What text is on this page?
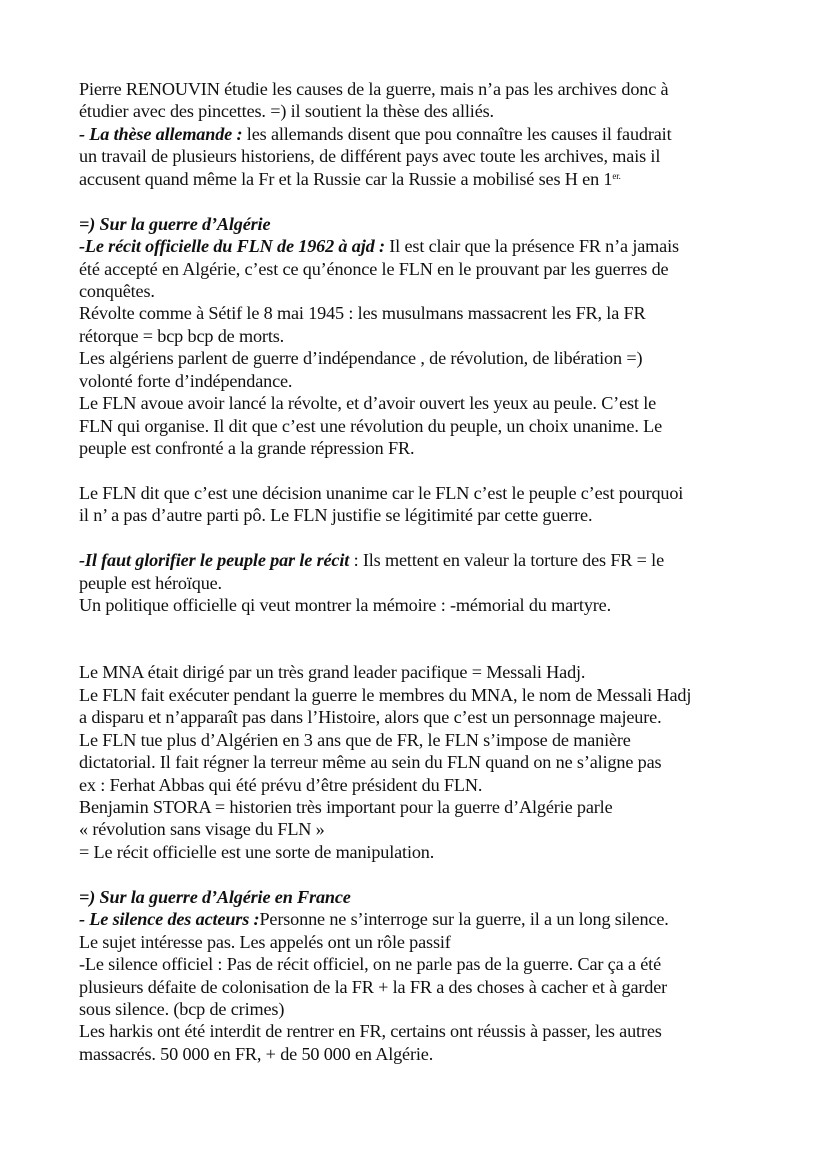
Pierre RENOUVIN étudie les causes de la guerre, mais n’a pas les archives donc à
étudier avec des pincettes. =) il soutient la thèse des alliés.
- La thèse allemande : les allemands disent que pou connaître les causes il faudrait
un travail de plusieurs historiens, de différent pays avec toute les archives, mais il
accusent quand même la Fr et la Russie car la Russie a mobilisé ses H en $1^{er.}$
=) Sur la guerre d’Algérie
-Le récit officielle du FLN de 1962 à ajd : Il est clair que la présence FR n’a jamais
été accepté en Algérie, c’est ce qu’énonce le FLN en le prouvant par les guerres de
conquêtes.
Révolte comme à Sétif le 8 mai 1945 : les musulmans massacrent les FR, la FR
rétorque = bcp bcp de morts.
Les algériens parlent de guerre d’indépendance , de révolution, de libération =)
volonté forte d’indépendance.
Le FLN avoue avoir lancé la révolte, et d’avoir ouvert les yeux au peule. C’est le
FLN qui organise. Il dit que c’est une révolution du peuple, un choix unanime. Le
peuple est confronté a la grande répression FR.
Le FLN dit que c’est une décision unanime car le FLN c’est le peuple c’est pourquoi
il n’ a pas d’autre parti pô. Le FLN justifie se légitimité par cette guerre.
-Il faut glorifier le peuple par le récit : Ils mettent en valeur la torture des FR = le
peuple est héroïque.
Un politique officielle qi veut montrer la mémoire : -mémorial du martyre.
Le MNA était dirigé par un très grand leader pacifique = Messali Hadj.
Le FLN fait exécuter pendant la guerre le membres du MNA, le nom de Messali Hadj
a disparu et n’apparaît pas dans l’Histoire, alors que c’est un personnage majeure.
Le FLN tue plus d’Algérien en 3 ans que de FR, le FLN s’impose de manière
dictatorial. Il fait régner la terreur même au sein du FLN quand on ne s’aligne pas
ex : Ferhat Abbas qui été prévu d’être président du FLN.
Benjamin STORA = historien très important pour la guerre d’Algérie parle
« révolution sans visage du FLN »
= Le récit officielle est une sorte de manipulation.
=) Sur la guerre d’Algérie en France
- Le silence des acteurs :Personne ne s’interroge sur la guerre, il a un long silence.
Le sujet intéresse pas. Les appelés ont un rôle passif
-Le silence officiel : Pas de récit officiel, on ne parle pas de la guerre. Car ça a été
plusieurs défaite de colonisation de la FR + la FR a des choses à cacher et à garder
sous silence. (bcp de crimes)
Les harkis ont été interdit de rentrer en FR, certains ont réussis à passer, les autres
massacrés. 50 000 en FR, + de 50 000 en Algérie.
